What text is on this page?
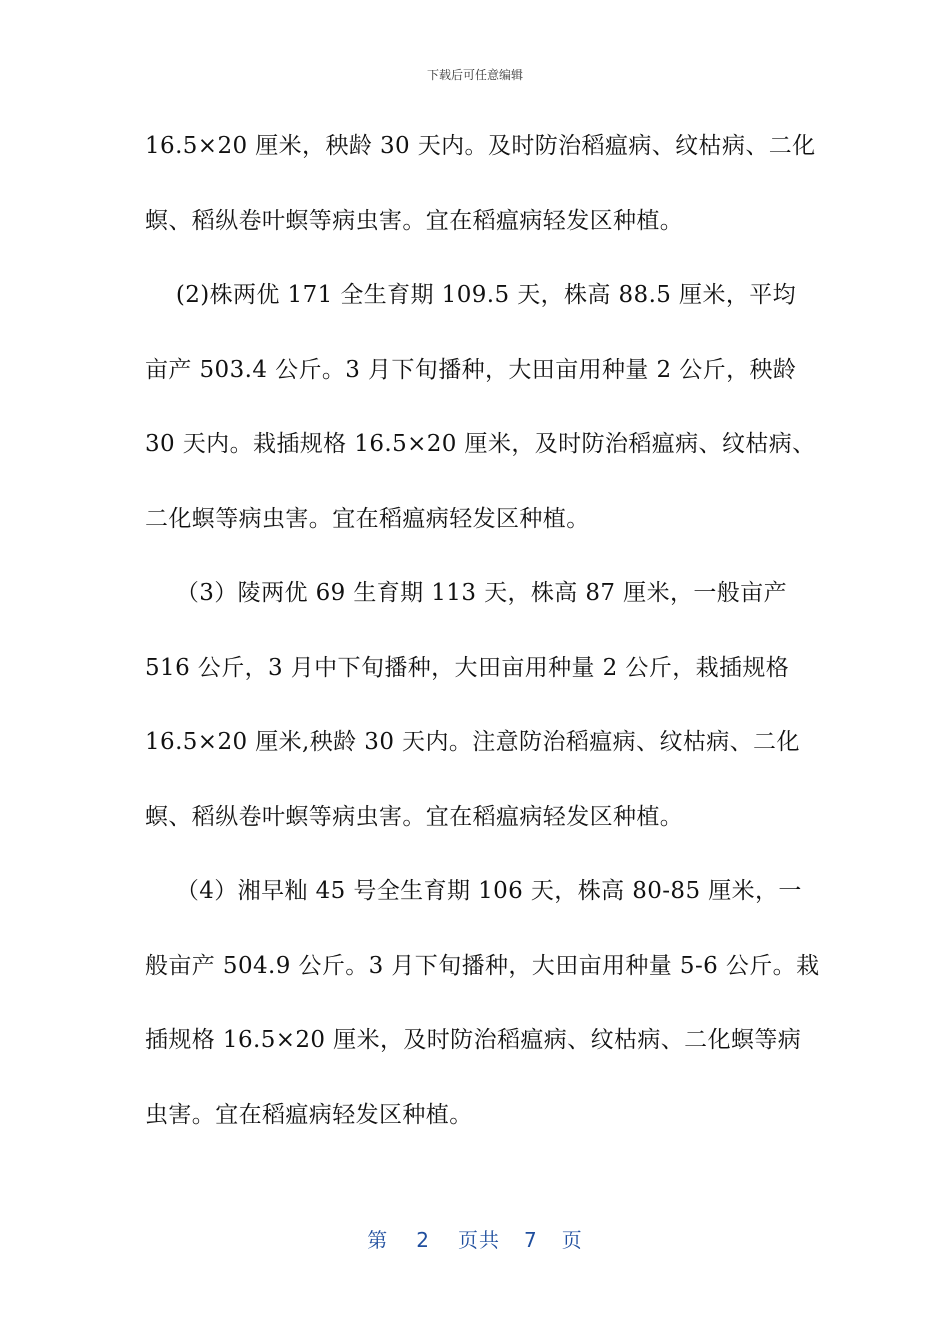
下载后可任意编辑
16.5×20 厘米，秧龄 30 天内。及时防治稻瘟病、纹枯病、二化
螟、稻纵卷叶螟等病虫害。宜在稻瘟病轻发区种植。
(2)株两优 171 全生育期 109.5 天，株高 88.5 厘米，平均
亩产 503.4 公斤。3 月下旬播种，大田亩用种量 2 公斤，秧龄
30 天内。栽插规格 16.5×20 厘米，及时防治稻瘟病、纹枯病、
二化螟等病虫害。宜在稻瘟病轻发区种植。
（3）陵两优 69 生育期 113 天，株高 87 厘米，一般亩产
516 公斤，3 月中下旬播种，大田亩用种量 2 公斤，栽插规格
16.5×20 厘米,秧龄 30 天内。注意防治稻瘟病、纹枯病、二化
螟、稻纵卷叶螟等病虫害。宜在稻瘟病轻发区种植。
（4）湘早籼 45 号全生育期 106 天，株高 80-85 厘米，一
般亩产 504.9 公斤。3 月下旬播种，大田亩用种量 5-6 公斤。栽
插规格 16.5×20 厘米，及时防治稻瘟病、纹枯病、二化螟等病
虫害。宜在稻瘟病轻发区种植。
第 2 页共 7 页
